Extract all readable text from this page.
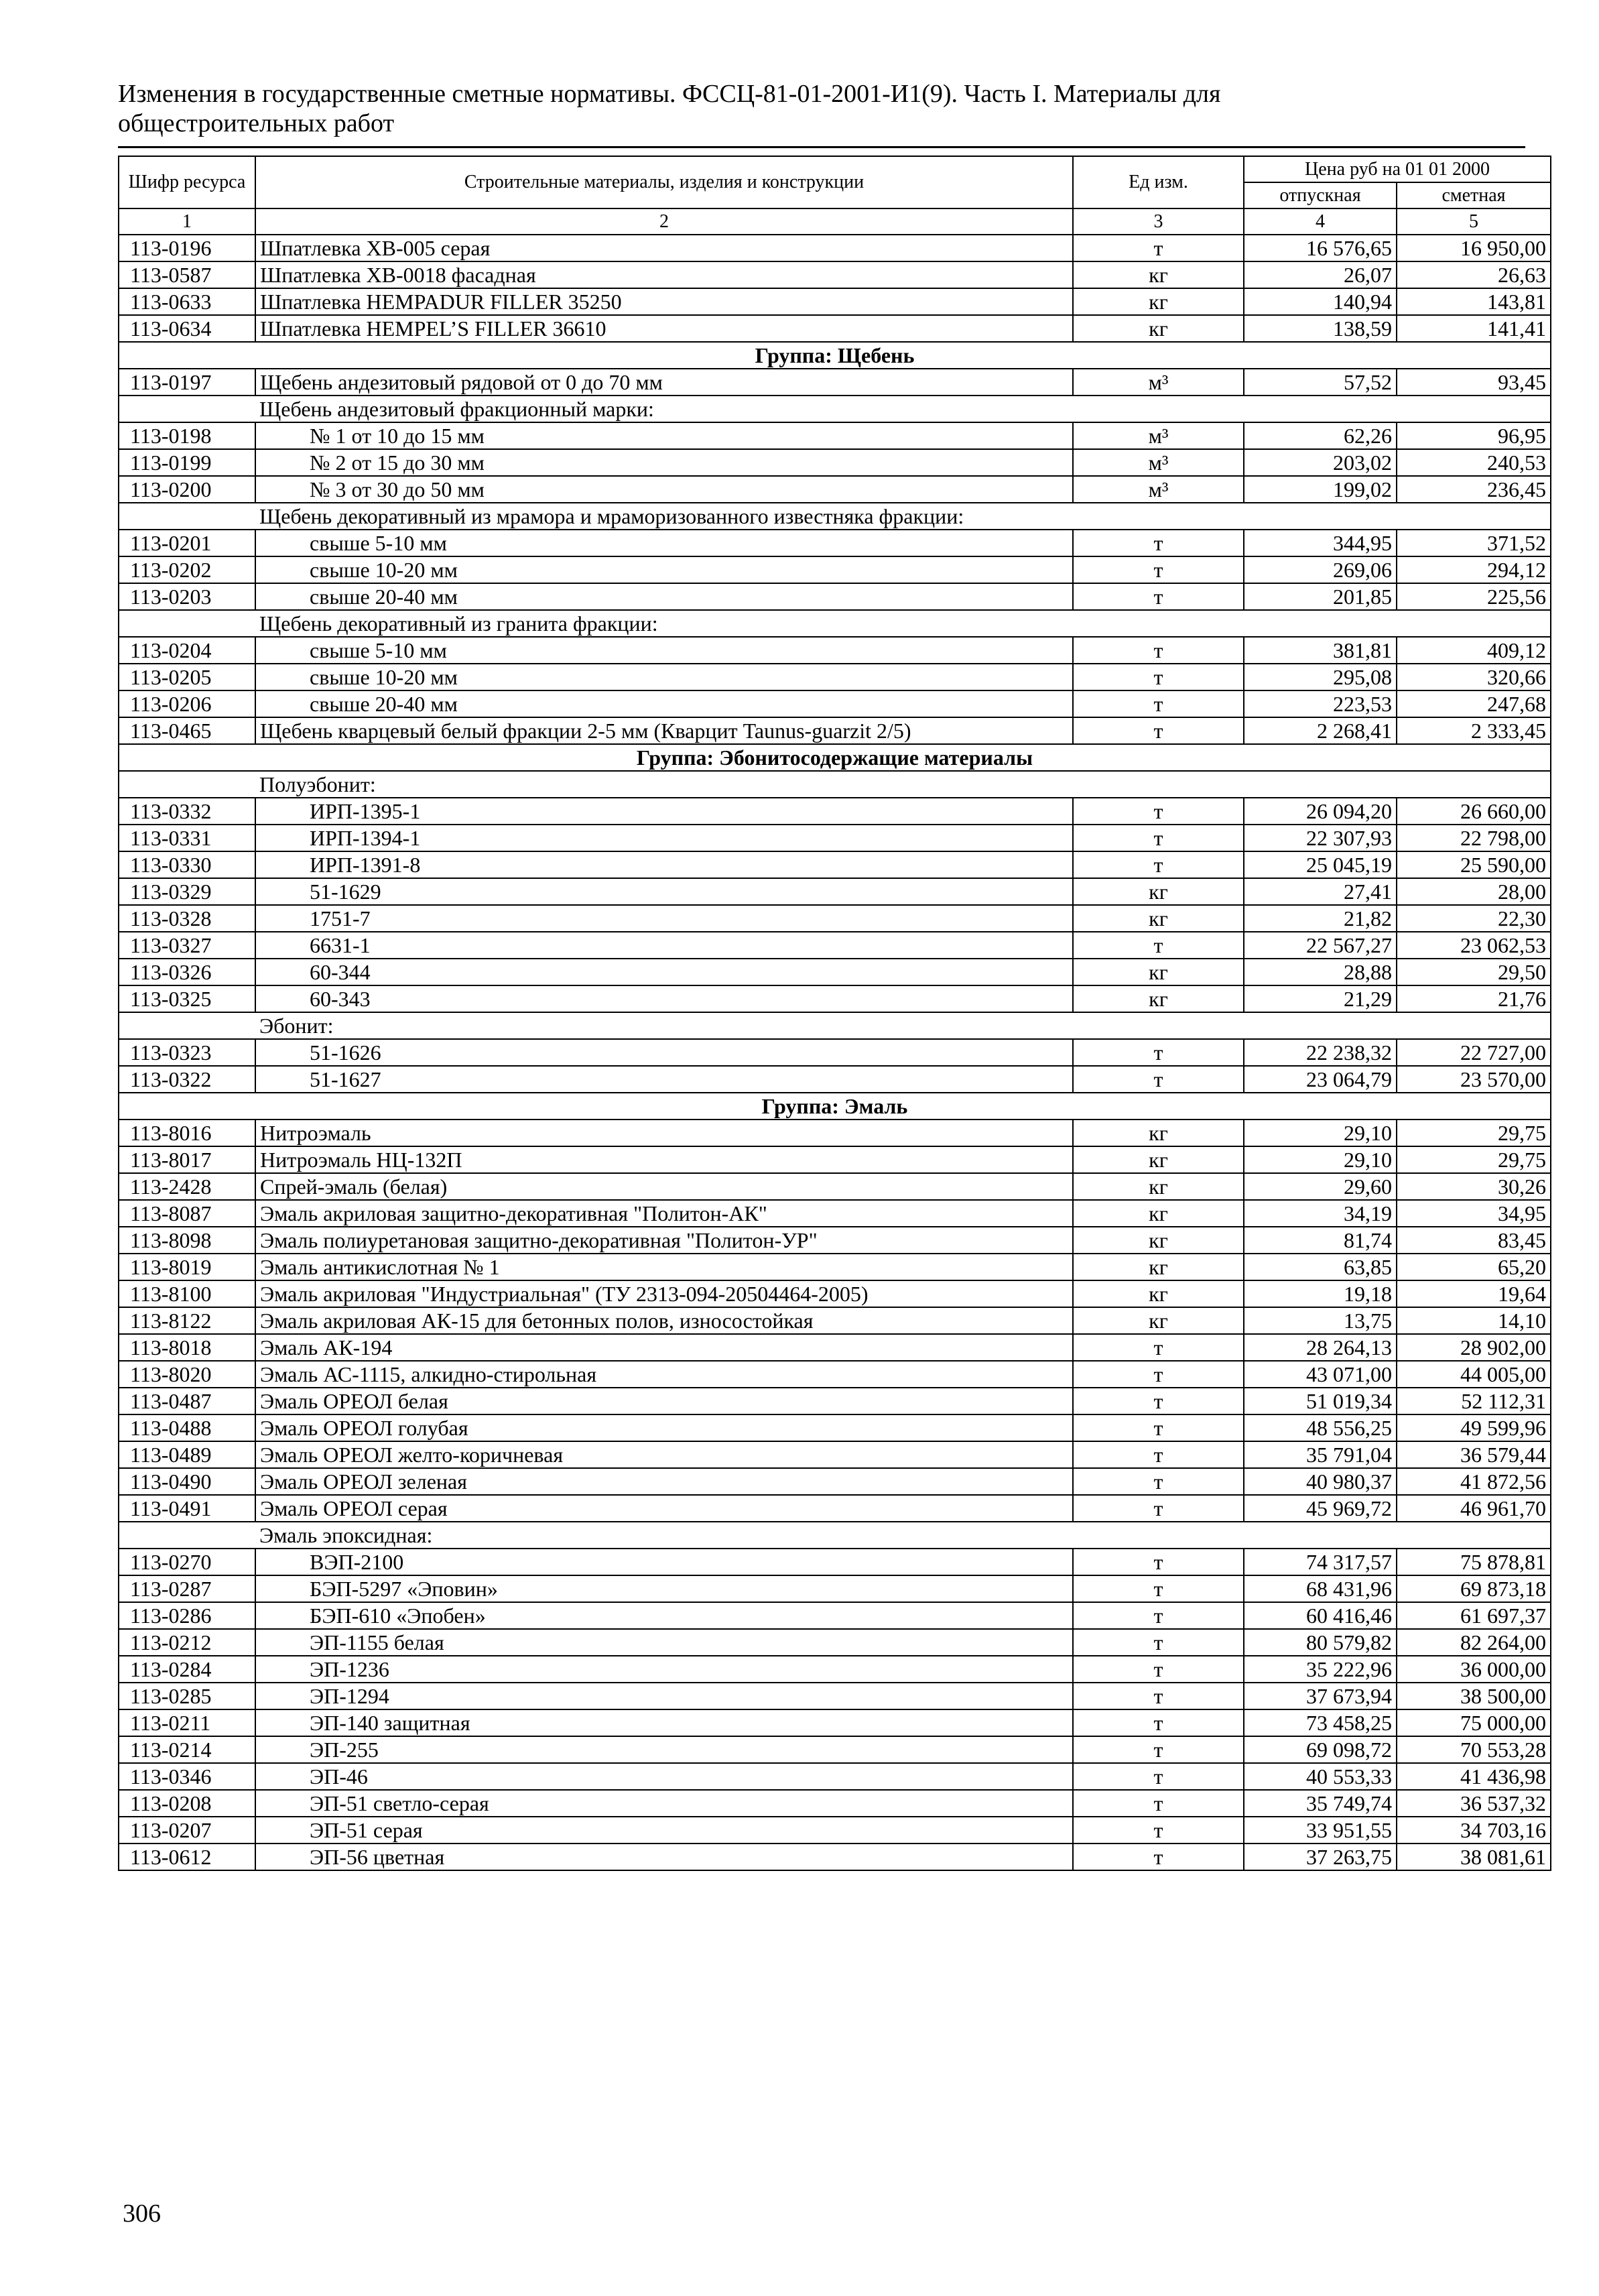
Изменения в государственные сметные нормативы. ФССЦ-81-01-2001-И1(9). Часть I. Материалы для общестроительных работ
Шифр ресурса	Строительные материалы, изделия и конструкции	Ед изм.	Цена руб на 01 01 2000	
			отпускная	сметная
1	2	3	4	5
113-0196	Шпатлевка ХВ-005 серая	т	16 576,65	16 950,00
113-0587	Шпатлевка ХВ-0018 фасадная	кг	26,07	26,63
113-0633	Шпатлевка HEMPADUR FILLER 35250	кг	140,94	143,81
113-0634	Шпатлевка HEMPEL’S FILLER 36610	кг	138,59	141,41
Группа: Щебень				
113-0197	Щебень андезитовый рядовой от 0 до 70 мм	м³	57,52	93,45
	Щебень андезитовый фракционный марки:			
113-0198	№ 1 от 10 до 15 мм	м³	62,26	96,95
113-0199	№ 2 от 15 до 30 мм	м³	203,02	240,53
113-0200	№ 3 от 30 до 50 мм	м³	199,02	236,45
	Щебень декоративный из мрамора и мраморизованного известняка фракции:			
113-0201	свыше 5-10 мм	т	344,95	371,52
113-0202	свыше 10-20 мм	т	269,06	294,12
113-0203	свыше 20-40 мм	т	201,85	225,56
	Щебень декоративный из гранита фракции:			
113-0204	свыше 5-10 мм	т	381,81	409,12
113-0205	свыше 10-20 мм	т	295,08	320,66
113-0206	свыше 20-40 мм	т	223,53	247,68
113-0465	Щебень кварцевый белый фракции 2-5 мм (Кварцит Taunus-guarzit 2/5)	т	2 268,41	2 333,45
Группа: Эбонитосодержащие материалы				
	Полуэбонит:			
113-0332	ИРП-1395-1	т	26 094,20	26 660,00
113-0331	ИРП-1394-1	т	22 307,93	22 798,00
113-0330	ИРП-1391-8	т	25 045,19	25 590,00
113-0329	51-1629	кг	27,41	28,00
113-0328	1751-7	кг	21,82	22,30
113-0327	6631-1	т	22 567,27	23 062,53
113-0326	60-344	кг	28,88	29,50
113-0325	60-343	кг	21,29	21,76
	Эбонит:			
113-0323	51-1626	т	22 238,32	22 727,00
113-0322	51-1627	т	23 064,79	23 570,00
Группа: Эмаль				
113-8016	Нитроэмаль	кг	29,10	29,75
113-8017	Нитроэмаль НЦ-132П	кг	29,10	29,75
113-2428	Спрей-эмаль (белая)	кг	29,60	30,26
113-8087	Эмаль акриловая защитно-декоративная "Политон-АК"	кг	34,19	34,95
113-8098	Эмаль полиуретановая защитно-декоративная "Политон-УР"	кг	81,74	83,45
113-8019	Эмаль антикислотная № 1	кг	63,85	65,20
113-8100	Эмаль акриловая "Индустриальная" (ТУ 2313-094-20504464-2005)	кг	19,18	19,64
113-8122	Эмаль акриловая АК-15 для бетонных полов, износостойкая	кг	13,75	14,10
113-8018	Эмаль АК-194	т	28 264,13	28 902,00
113-8020	Эмаль АС-1115, алкидно-стирольная	т	43 071,00	44 005,00
113-0487	Эмаль ОРЕОЛ белая	т	51 019,34	52 112,31
113-0488	Эмаль ОРЕОЛ голубая	т	48 556,25	49 599,96
113-0489	Эмаль ОРЕОЛ желто-коричневая	т	35 791,04	36 579,44
113-0490	Эмаль ОРЕОЛ зеленая	т	40 980,37	41 872,56
113-0491	Эмаль ОРЕОЛ серая	т	45 969,72	46 961,70
	Эмаль эпоксидная:			
113-0270	ВЭП-2100	т	74 317,57	75 878,81
113-0287	БЭП-5297 «Эповин»	т	68 431,96	69 873,18
113-0286	БЭП-610 «Эпобен»	т	60 416,46	61 697,37
113-0212	ЭП-1155 белая	т	80 579,82	82 264,00
113-0284	ЭП-1236	т	35 222,96	36 000,00
113-0285	ЭП-1294	т	37 673,94	38 500,00
113-0211	ЭП-140 защитная	т	73 458,25	75 000,00
113-0214	ЭП-255	т	69 098,72	70 553,28
113-0346	ЭП-46	т	40 553,33	41 436,98
113-0208	ЭП-51 светло-серая	т	35 749,74	36 537,32
113-0207	ЭП-51 серая	т	33 951,55	34 703,16
113-0612	ЭП-56 цветная	т	37 263,75	38 081,61
306
